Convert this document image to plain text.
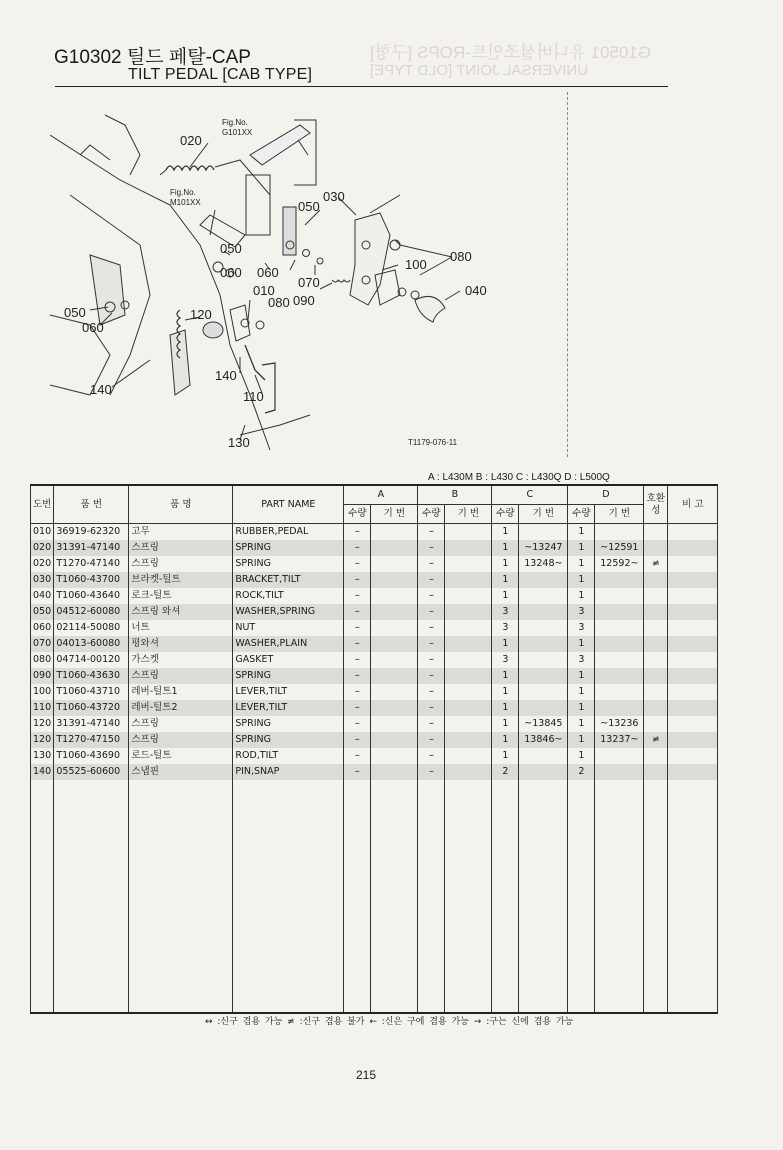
G10501 유니버셜조인트-ROPS [구형]
UNIVERSAL JOINT [OLD TYPE]
G10302 틸드 페탈-CAP
TILT PEDAL [CAB TYPE]
020
050
030
050
100
080
060 060
070
010	040
080 090
050	120
060
140
140	110
130
Fig.No.
G101XX
Fig.No.
M101XX
T1179-076-11
A : L430M B : L430 C : L430Q D : L500Q
도번	품 번	품 명	PART NAME	A		B		C		D		호환성	비 고
				수량	기 번	수량	기 번	수량	기 번	수량	기 번		
010	36919-62320	고무	RUBBER,PEDAL	–		–		1		1			
020	31391-47140	스프링	SPRING	–		–		1	~13247	1	~12591		
020	T1270-47140	스프링	SPRING	–		–		1	13248~	1	12592~	≠	
030	T1060-43700	브라켓-틸트	BRACKET,TILT	–		–		1		1			
040	T1060-43640	로크-틸트	ROCK,TILT	–		–		1		1			
050	04512-60080	스프링 와셔	WASHER,SPRING	–		–		3		3			
060	02114-50080	너트	NUT	–		–		3		3			
070	04013-60080	평와셔	WASHER,PLAIN	–		–		1		1			
080	04714-00120	가스켓	GASKET	–		–		3		3			
090	T1060-43630	스프링	SPRING	–		–		1		1			
100	T1060-43710	레버-틸트1	LEVER,TILT	–		–		1		1			
110	T1060-43720	레버-틸트2	LEVER,TILT	–		–		1		1			
120	31391-47140	스프링	SPRING	–		–		1	~13845	1	~13236		
120	T1270-47150	스프링	SPRING	–		–		1	13846~	1	13237~	≠	
130	T1060-43690	로드-틸트	ROD,TILT	–		–		1		1			
140	05525-60600	스냅핀	PIN,SNAP	–		–		2		2			

↔ :신구 겸용 가능 ≠ :신구 겸용 불가 ← :신은 구에 겸용 가능 → :구는 신에 겸용 가능
215
